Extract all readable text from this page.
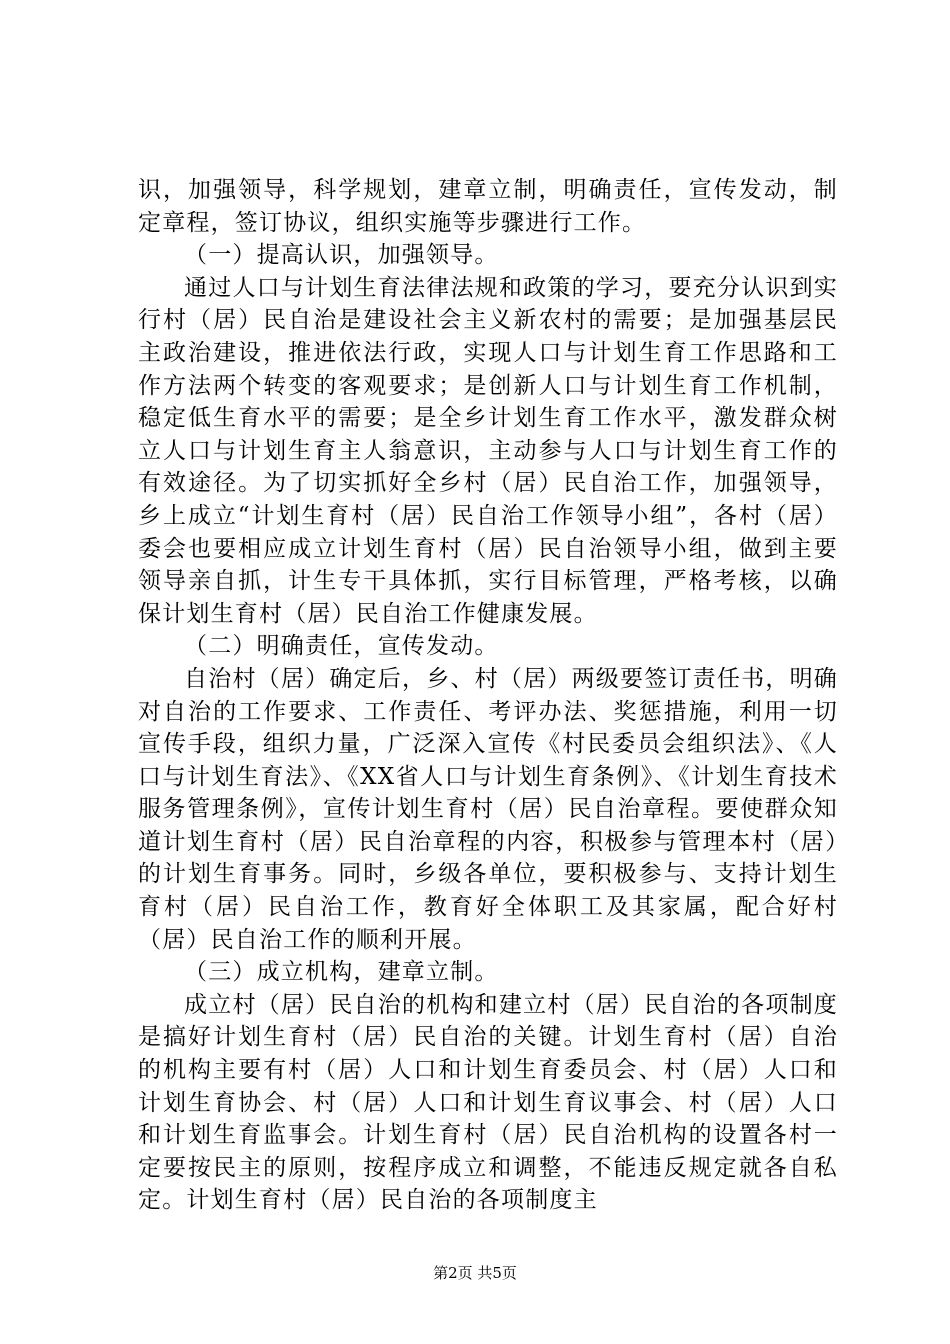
识，加强领导，科学规划，建章立制，明确责任，宣传发动，制定章程，签订协议，组织实施等步骤进行工作。

（一）提高认识，加强领导。

通过人口与计划生育法律法规和政策的学习，要充分认识到实行村（居）民自治是建设社会主义新农村的需要；是加强基层民主政治建设，推进依法行政，实现人口与计划生育工作思路和工作方法两个转变的客观要求；是创新人口与计划生育工作机制，稳定低生育水平的需要；是全乡计划生育工作水平，激发群众树立人口与计划生育主人翁意识，主动参与人口与计划生育工作的有效途径。为了切实抓好全乡村（居）民自治工作，加强领导，乡上成立“计划生育村（居）民自治工作领导小组”，各村（居）委会也要相应成立计划生育村（居）民自治领导小组，做到主要领导亲自抓，计生专干具体抓，实行目标管理，严格考核，以确保计划生育村（居）民自治工作健康发展。

（二）明确责任，宣传发动。

自治村（居）确定后，乡、村（居）两级要签订责任书，明确对自治的工作要求、工作责任、考评办法、奖惩措施，利用一切宣传手段，组织力量，广泛深入宣传《村民委员会组织法》、《人口与计划生育法》、《XX省人口与计划生育条例》、《计划生育技术服务管理条例》，宣传计划生育村（居）民自治章程。要使群众知道计划生育村（居）民自治章程的内容，积极参与管理本村（居）的计划生育事务。同时，乡级各单位，要积极参与、支持计划生育村（居）民自治工作，教育好全体职工及其家属，配合好村（居）民自治工作的顺利开展。

（三）成立机构，建章立制。

成立村（居）民自治的机构和建立村（居）民自治的各项制度是搞好计划生育村（居）民自治的关键。计划生育村（居）自治的机构主要有村（居）人口和计划生育委员会、村（居）人口和计划生育协会、村（居）人口和计划生育议事会、村（居）人口和计划生育监事会。计划生育村（居）民自治机构的设置各村一定要按民主的原则，按程序成立和调整，不能违反规定就各自私定。计划生育村（居）民自治的各项制度主

第2页 共5页
